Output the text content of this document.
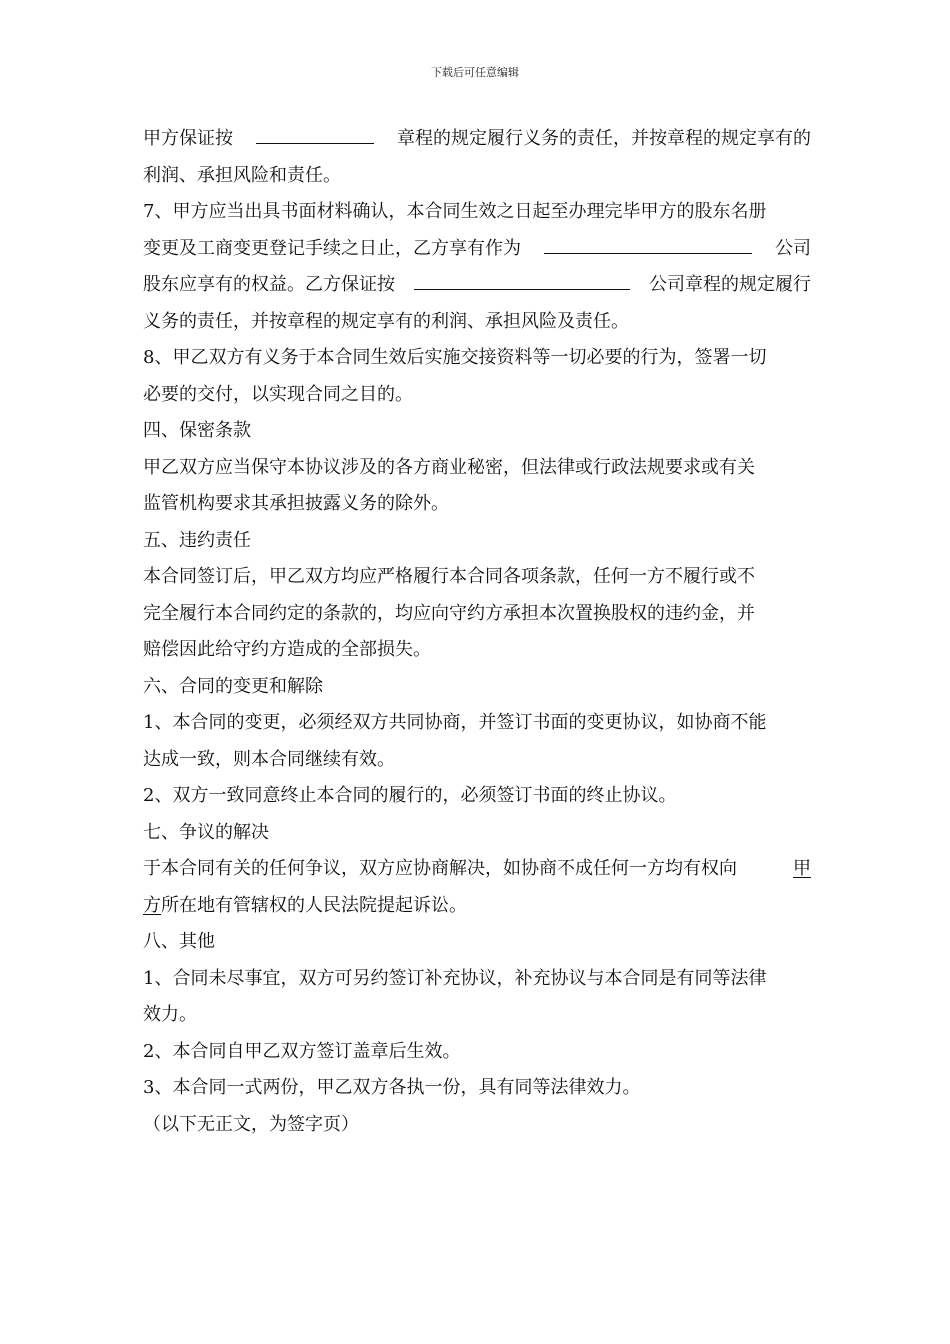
下载后可任意编辑
甲方保证按	章程的规定履行义务的责任，并按章程的规定享有的
利润、承担风险和责任。
7、甲方应当出具书面材料确认，本合同生效之日起至办理完毕甲方的股东名册
变更及工商变更登记手续之日止，乙方享有作为	公司
股东应享有的权益。乙方保证按	公司章程的规定履行
义务的责任，并按章程的规定享有的利润、承担风险及责任。
8、甲乙双方有义务于本合同生效后实施交接资料等一切必要的行为，签署一切
必要的交付，以实现合同之目的。
四、保密条款
甲乙双方应当保守本协议涉及的各方商业秘密，但法律或行政法规要求或有关
监管机构要求其承担披露义务的除外。
五、违约责任
本合同签订后，甲乙双方均应严格履行本合同各项条款，任何一方不履行或不
完全履行本合同约定的条款的，均应向守约方承担本次置换股权的违约金，并
赔偿因此给守约方造成的全部损失。
六、合同的变更和解除
1、本合同的变更，必须经双方共同协商，并签订书面的变更协议，如协商不能
达成一致，则本合同继续有效。
2、双方一致同意终止本合同的履行的，必须签订书面的终止协议。
七、争议的解决
于本合同有关的任何争议，双方应协商解决，如协商不成任何一方均有权向	甲
方所在地有管辖权的人民法院提起诉讼。
八、其他
1、合同未尽事宜，双方可另约签订补充协议，补充协议与本合同是有同等法律
效力。
2、本合同自甲乙双方签订盖章后生效。
3、本合同一式两份，甲乙双方各执一份，具有同等法律效力。
（以下无正文，为签字页）
